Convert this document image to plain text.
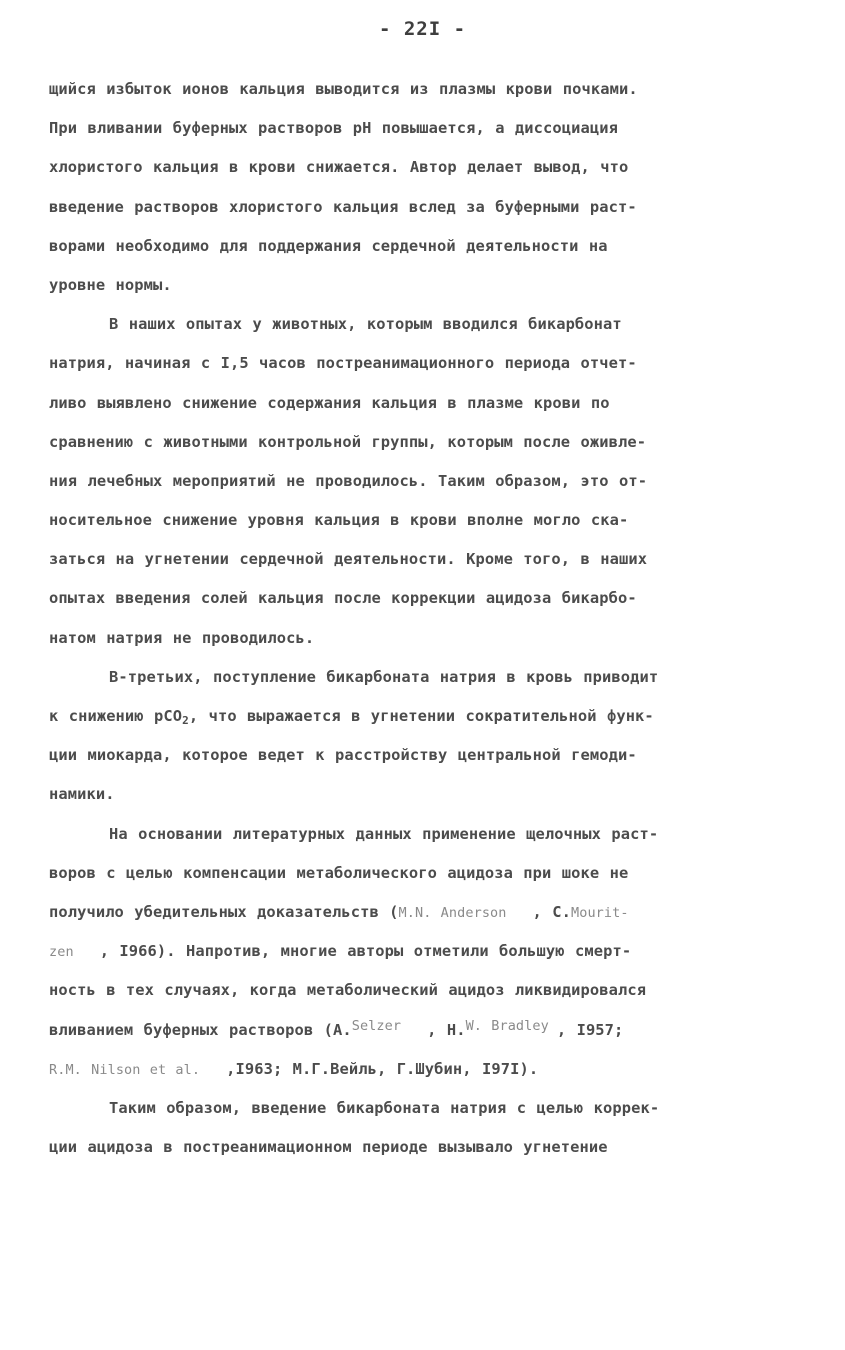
- 22I -
щийся избыток ионов кальция выводится из плазмы крови почками.
При вливании буферных растворов рН повышается, а диссоциация
хлористого кальция в крови снижается. Автор делает вывод, что
введение растворов хлористого кальция вслед за буферными раст-
ворами необходимо для поддержания сердечной деятельности на
уровне нормы.
В наших опытах у животных, которым вводился бикарбонат
натрия, начиная с I,5 часов постреанимационного периода отчет-
ливо выявлено снижение содержания кальция в плазме крови по
сравнению с животными контрольной группы, которым после оживле-
ния лечебных мероприятий не проводилось. Таким образом, это от-
носительное снижение уровня кальция в крови вполне могло ска-
заться на угнетении сердечной деятельности. Кроме того, в наших
опытах введения солей кальция после коррекции ацидоза бикарбо-
натом натрия не проводилось.
В-третьих, поступление бикарбоната натрия в кровь приводит
к снижению pCO$_2$, что выражается в угнетении сократительной функ-
ции миокарда, которое ведет к расстройству центральной гемоди-
намики.
На основании литературных данных применение щелочных раст-
воров с целью компенсации метаболического ацидоза при шоке не
получило убедительных доказательств (M.N. Anderson , C.Mourit-
zen , I966). Напротив, многие авторы отметили большую смерт-
ность в тех случаях, когда метаболический ацидоз ликвидировался
вливанием буферных растворов (A.$^{Selzer}$ , H.$^{W. Bradley}$ , I957;
R.M. Nilson et al. ,I963; М.Г.Вейль, Г.Шубин, I97I).
Таким образом, введение бикарбоната натрия с целью коррек-
ции ацидоза в постреанимационном периоде вызывало угнетение
